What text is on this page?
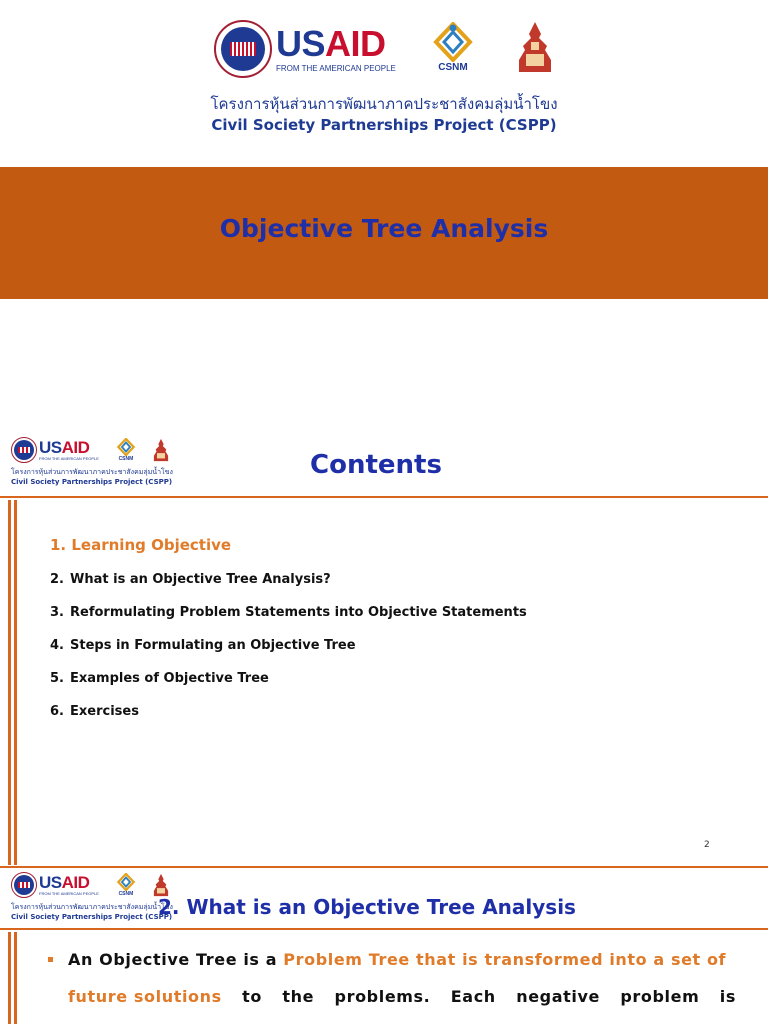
USAID
FROM THE AMERICAN PEOPLE	CSNM
โครงการหุ้นส่วนการพัฒนาภาคประชาสังคมลุ่มน้ำโขง
Civil Society Partnerships Project (CSPP)
Objective Tree Analysis
USAID
FROM THE AMERICAN PEOPLE	CSNM
โครงการหุ้นส่วนการพัฒนาภาคประชาสังคมลุ่มน้ำโขง
Civil Society Partnerships Project (CSPP)
Contents
1. Learning Objective
2. What is an Objective Tree Analysis?
3. Reformulating Problem Statements into Objective Statements
4. Steps in Formulating an Objective Tree
5. Examples of Objective Tree
6. Exercises
2
USAID
FROM THE AMERICAN PEOPLE	CSNM
โครงการหุ้นส่วนการพัฒนาภาคประชาสังคมลุ่มน้ำโขง
Civil Society Partnerships Project (CSPP)
2. What is an Objective Tree Analysis
An Objective Tree is a Problem Tree that is transformed into a set of
future solutions to the problems. Each negative problem is
